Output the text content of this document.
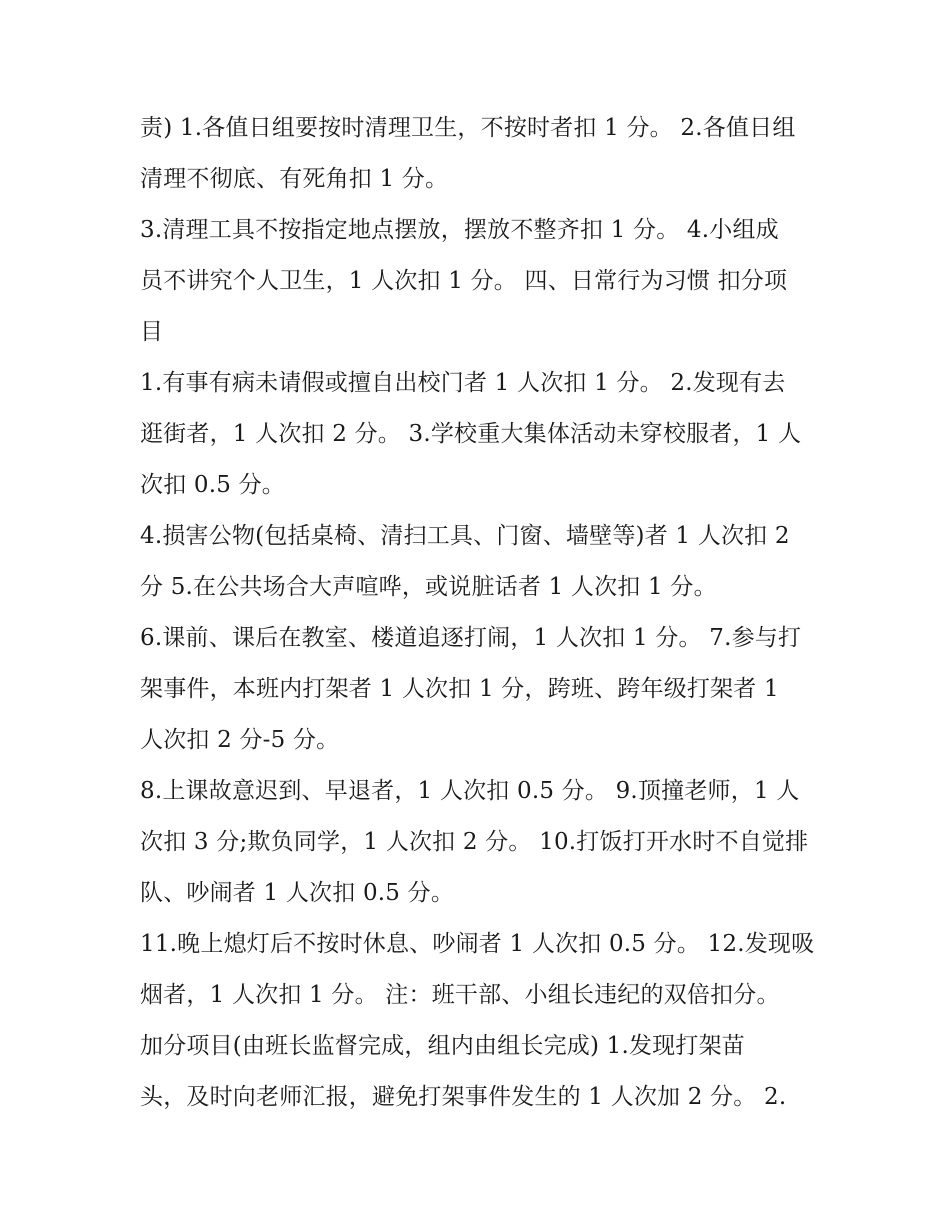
责) 1.各值日组要按时清理卫生，不按时者扣 1 分。 2.各值日组
清理不彻底、有死角扣 1 分。
3.清理工具不按指定地点摆放，摆放不整齐扣 1 分。 4.小组成
员不讲究个人卫生，1 人次扣 1 分。 四、日常行为习惯 扣分项
目
1.有事有病未请假或擅自出校门者 1 人次扣 1 分。 2.发现有去
逛街者，1 人次扣 2 分。 3.学校重大集体活动未穿校服者，1 人
次扣 0.5 分。
4.损害公物(包括桌椅、清扫工具、门窗、墙壁等)者 1 人次扣 2
分 5.在公共场合大声喧哗，或说脏话者 1 人次扣 1 分。
6.课前、课后在教室、楼道追逐打闹，1 人次扣 1 分。 7.参与打
架事件，本班内打架者 1 人次扣 1 分，跨班、跨年级打架者 1
人次扣 2 分-5 分。
8.上课故意迟到、早退者，1 人次扣 0.5 分。 9.顶撞老师，1 人
次扣 3 分;欺负同学，1 人次扣 2 分。 10.打饭打开水时不自觉排
队、吵闹者 1 人次扣 0.5 分。
11.晚上熄灯后不按时休息、吵闹者 1 人次扣 0.5 分。 12.发现吸
烟者，1 人次扣 1 分。 注：班干部、小组长违纪的双倍扣分。
加分项目(由班长监督完成，组内由组长完成) 1.发现打架苗
头，及时向老师汇报，避免打架事件发生的 1 人次加 2 分。 2.
